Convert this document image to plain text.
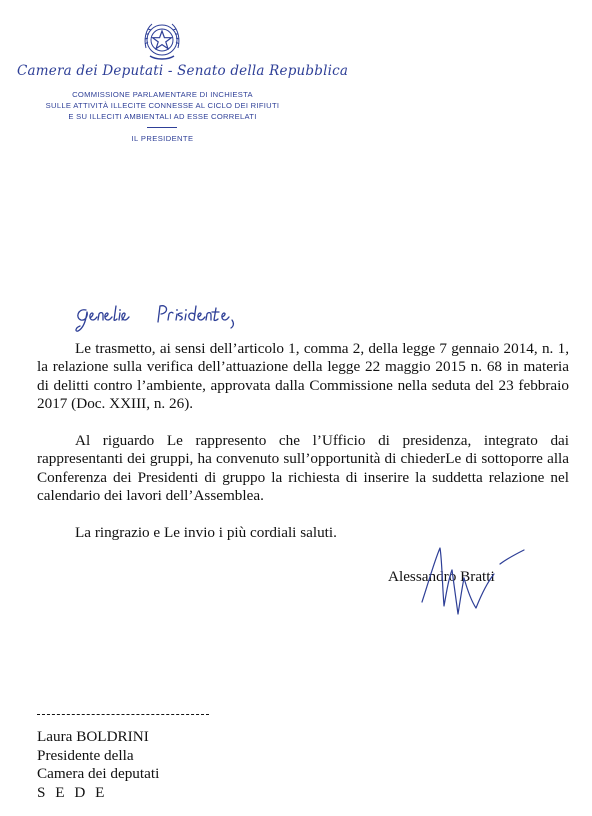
Camera dei Deputati - Senato della Repubblica
COMMISSIONE PARLAMENTARE DI INCHIESTA
SULLE ATTIVITÀ ILLECITE CONNESSE AL CICLO DEI RIFIUTI
E SU ILLECITI AMBIENTALI AD ESSE CORRELATI
IL PRESIDENTE

Le trasmetto, ai sensi dell’articolo 1, comma 2, della legge 7 gennaio 2014, n. 1, la relazione sulla verifica dell’attuazione della legge 22 maggio 2015 n. 68 in materia di delitti contro l’ambiente, approvata dalla Commissione nella seduta del 23 febbraio 2017 (Doc. XXIII, n. 26).

Al riguardo Le rappresento che l’Ufficio di presidenza, integrato dai rappresentanti dei gruppi, ha convenuto sull’opportunità di chiederLe di sottoporre alla Conferenza dei Presidenti di gruppo la richiesta di inserire la suddetta relazione nel calendario dei lavori dell’Assemblea.

La ringrazio e Le invio i più cordiali saluti.

Alessandro Bratti
Laura BOLDRINI
Presidente della
Camera dei deputati
S E D E
